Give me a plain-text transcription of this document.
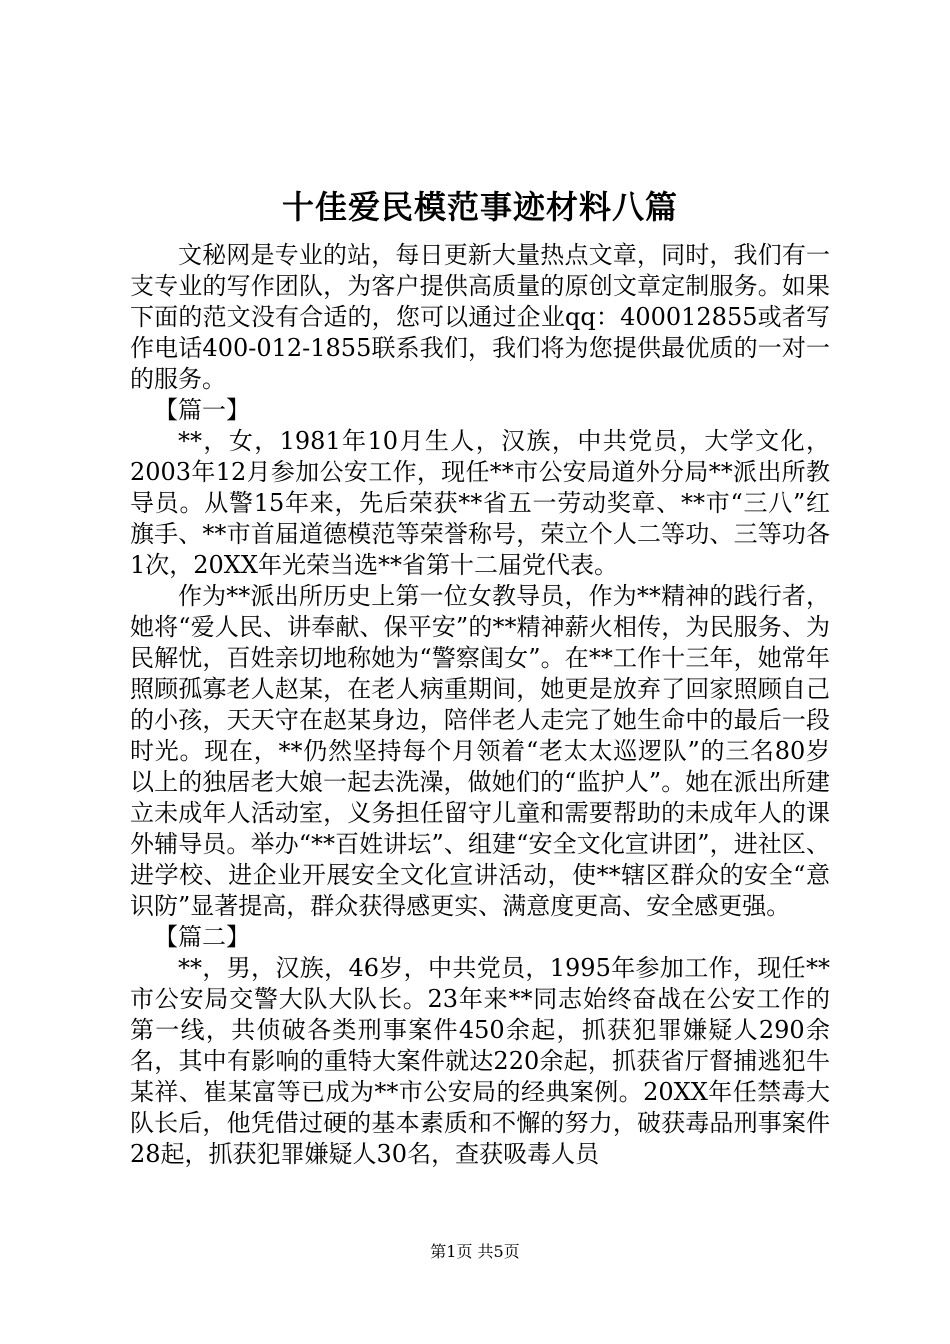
十佳爱民模范事迹材料八篇

文秘网是专业的站，每日更新大量热点文章，同时，我们有一支专业的写作团队，为客户提供高质量的原创文章定制服务。如果下面的范文没有合适的，您可以通过企业qq：400012855或者写作电话400-012-1855联系我们，我们将为您提供最优质的一对一的服务。

【篇一】

**，女，1981年10月生人，汉族，中共党员，大学文化，2003年12月参加公安工作，现任**市公安局道外分局**派出所教导员。从警15年来，先后荣获**省五一劳动奖章、**市“三八”红旗手、**市首届道德模范等荣誉称号，荣立个人二等功、三等功各1次，20XX年光荣当选**省第十二届党代表。

作为**派出所历史上第一位女教导员，作为**精神的践行者，她将“爱人民、讲奉献、保平安”的**精神薪火相传，为民服务、为民解忧，百姓亲切地称她为“警察闺女”。在**工作十三年，她常年照顾孤寡老人赵某，在老人病重期间，她更是放弃了回家照顾自己的小孩，天天守在赵某身边，陪伴老人走完了她生命中的最后一段时光。现在，**仍然坚持每个月领着“老太太巡逻队”的三名80岁以上的独居老大娘一起去洗澡，做她们的“监护人”。她在派出所建立未成年人活动室，义务担任留守儿童和需要帮助的未成年人的课外辅导员。举办“**百姓讲坛”、组建“安全文化宣讲团”，进社区、进学校、进企业开展安全文化宣讲活动，使**辖区群众的安全“意识防”显著提高，群众获得感更实、满意度更高、安全感更强。

【篇二】

**，男，汉族，46岁，中共党员，1995年参加工作，现任**市公安局交警大队大队长。23年来**同志始终奋战在公安工作的第一线，共侦破各类刑事案件450余起，抓获犯罪嫌疑人290余名，其中有影响的重特大案件就达220余起，抓获省厅督捕逃犯牛某祥、崔某富等已成为**市公安局的经典案例。20XX年任禁毒大队长后，他凭借过硬的基本素质和不懈的努力，破获毒品刑事案件28起，抓获犯罪嫌疑人30名，查获吸毒人员

第1页 共5页
